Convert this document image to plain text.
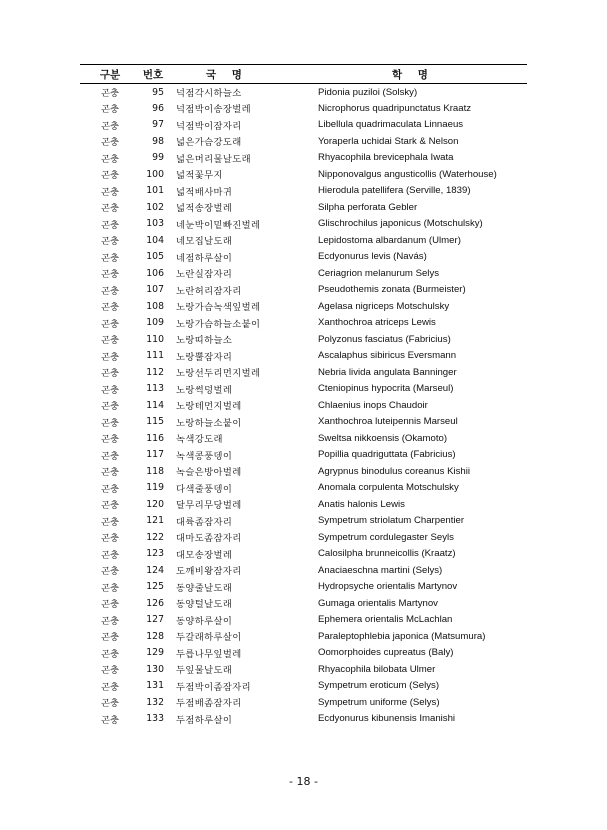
구분	번호	국 명	학 명
곤충	95	넉점각시하늘소	Pidonia puziloi (Solsky)
곤충	96	넉점박이송장벌레	Nicrophorus quadripunctatus Kraatz
곤충	97	넉점박이잠자리	Libellula quadrimaculata Linnaeus
곤충	98	넓은가슴강도래	Yoraperla uchidai Stark & Nelson
곤충	99	넓은머리물날도래	Rhyacophila brevicephala Iwata
곤충	100	넓적꽃무지	Nipponovalgus angusticollis (Waterhouse)
곤충	101	넓적배사마귀	Hierodula patellifera (Serville, 1839)
곤충	102	넓적송장벌레	Silpha perforata Gebler
곤충	103	네눈박이밑빠진벌레	Glischrochilus japonicus (Motschulsky)
곤충	104	네모집날도래	Lepidostoma albardanum (Ulmer)
곤충	105	네점하루살이	Ecdyonurus levis (Navás)
곤충	106	노란실잠자리	Ceriagrion melanurum Selys
곤충	107	노란허리잠자리	Pseudothemis zonata (Burmeister)
곤충	108	노랑가슴녹색잎벌레	Agelasa nigriceps Motschulsky
곤충	109	노랑가슴하늘소붙이	Xanthochroa atriceps Lewis
곤충	110	노랑띠하늘소	Polyzonus fasciatus (Fabricius)
곤충	111	노랑뿔잠자리	Ascalaphus sibiricus Eversmann
곤충	112	노랑선두리먼지벌레	Nebria livida angulata Banninger
곤충	113	노랑썩덩벌레	Cteniopinus hypocrita (Marseul)
곤충	114	노랑테먼지벌레	Chlaenius inops Chaudoir
곤충	115	노랑하늘소붙이	Xanthochroa luteipennis Marseul
곤충	116	녹색강도래	Sweltsa nikkoensis (Okamoto)
곤충	117	녹색콩풍뎅이	Popillia quadriguttata (Fabricius)
곤충	118	녹슬은방아벌레	Agrypnus binodulus coreanus Kishii
곤충	119	다색줄풍뎅이	Anomala corpulenta Motschulsky
곤충	120	달무리무당벌레	Anatis halonis Lewis
곤충	121	대륙좀잠자리	Sympetrum striolatum Charpentier
곤충	122	대마도좀잠자리	Sympetrum cordulegaster Seyls
곤충	123	대모송장벌레	Calosilpha brunneicollis (Kraatz)
곤충	124	도깨비왕잠자리	Anaciaeschna martini (Selys)
곤충	125	동양줄날도래	Hydropsyche orientalis Martynov
곤충	126	동양털날도래	Gumaga orientalis Martynov
곤충	127	동양하루살이	Ephemera orientalis McLachlan
곤충	128	두갈래하루살이	Paraleptophlebia japonica (Matsumura)
곤충	129	두릅나무잎벌레	Oomorphoides cupreatus (Baly)
곤충	130	두잎물날도래	Rhyacophila bilobata Ulmer
곤충	131	두점박이좀잠자리	Sympetrum eroticum (Selys)
곤충	132	두점배좀잠자리	Sympetrum uniforme (Selys)
곤충	133	두점하루살이	Ecdyonurus kibunensis Imanishi
- 18 -
